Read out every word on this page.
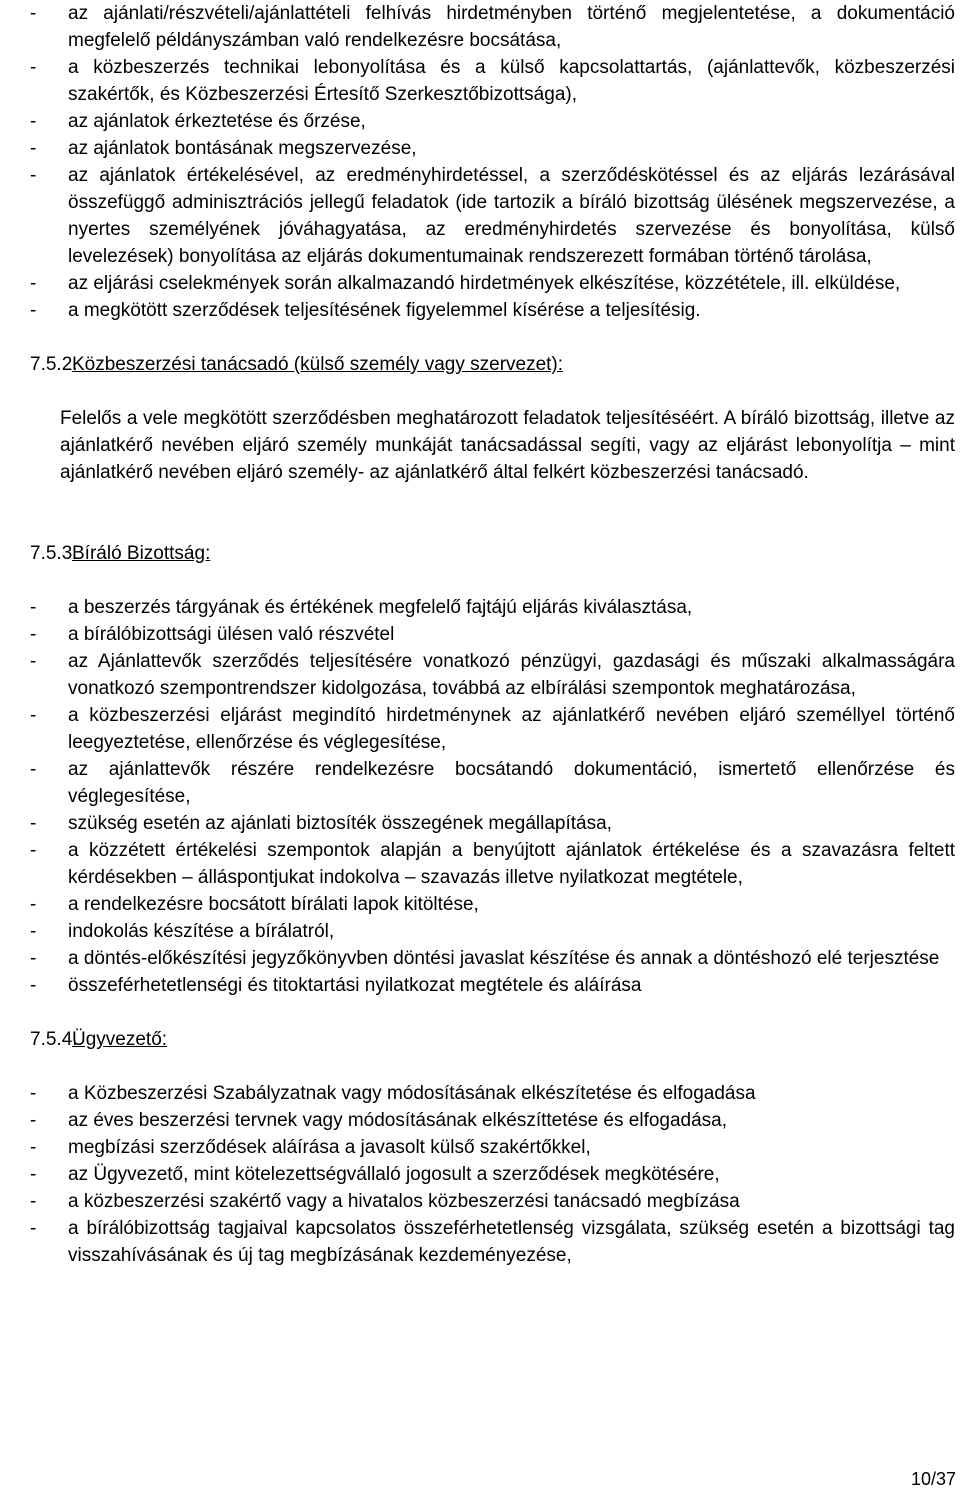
-	az ajánlati/részvételi/ajánlattételi felhívás hirdetményben történő megjelentetése, a dokumentáció megfelelő példányszámban való rendelkezésre bocsátása,
-	a közbeszerzés technikai lebonyolítása és a külső kapcsolattartás, (ajánlattevők, közbeszerzési szakértők, és Közbeszerzési Értesítő Szerkesztőbizottsága),
-	az ajánlatok érkeztetése és őrzése,
-	az ajánlatok bontásának megszervezése,
-	az ajánlatok értékelésével, az eredményhirdetéssel, a szerződéskötéssel és az eljárás lezárásával összefüggő adminisztrációs jellegű feladatok (ide tartozik a bíráló bizottság ülésének megszervezése, a nyertes személyének jóváhagyatása, az eredményhirdetés szervezése és bonyolítása, külső levelezések) bonyolítása az eljárás dokumentumainak rendszerezett formában történő tárolása,
-	az eljárási cselekmények során alkalmazandó hirdetmények elkészítése, közzététele, ill. elküldése,
-	a megkötött szerződések teljesítésének figyelemmel kísérése a teljesítésig.
7.5.2.Közbeszerzési tanácsadó (külső személy vagy szervezet):

Felelős a vele megkötött szerződésben meghatározott feladatok teljesítéséért. A bíráló bizottság, illetve az ajánlatkérő nevében eljáró személy munkáját tanácsadással segíti, vagy az eljárást lebonyolítja – mint ajánlatkérő nevében eljáró személy- az ajánlatkérő által felkért közbeszerzési tanácsadó.

7.5.3.Bíráló Bizottság:
-	a beszerzés tárgyának és értékének megfelelő fajtájú eljárás kiválasztása,
-	a bírálóbizottsági ülésen való részvétel
-	az Ajánlattevők szerződés teljesítésére vonatkozó pénzügyi, gazdasági és műszaki alkalmasságára vonatkozó szempontrendszer kidolgozása, továbbá az elbírálási szempontok meghatározása,
-	a közbeszerzési eljárást megindító hirdetménynek az ajánlatkérő nevében eljáró személlyel történő leegyeztetése, ellenőrzése és véglegesítése,
-	az ajánlattevők részére rendelkezésre bocsátandó dokumentáció, ismertető ellenőrzése és véglegesítése,
-	szükség esetén az ajánlati biztosíték összegének megállapítása,
-	a közzétett értékelési szempontok alapján a benyújtott ajánlatok értékelése és a szavazásra feltett kérdésekben – álláspontjukat indokolva – szavazás illetve nyilatkozat megtétele,
-	a rendelkezésre bocsátott bírálati lapok kitöltése,
-	indokolás készítése a bírálatról,
-	a döntés-előkészítési jegyzőkönyvben döntési javaslat készítése és annak a döntéshozó elé terjesztése
-	összeférhetetlenségi és titoktartási nyilatkozat megtétele és aláírása
7.5.4.Ügyvezető:
-	a Közbeszerzési Szabályzatnak vagy módosításának elkészítetése és elfogadása
-	az éves beszerzési tervnek vagy módosításának elkészíttetése és elfogadása,
-	megbízási szerződések aláírása a javasolt külső szakértőkkel,
-	az Ügyvezető, mint kötelezettségvállaló jogosult a szerződések megkötésére,
-	a közbeszerzési szakértő vagy a hivatalos közbeszerzési tanácsadó megbízása
-	a bírálóbizottság tagjaival kapcsolatos összeférhetetlenség vizsgálata, szükség esetén a bizottsági tag visszahívásának és új tag megbízásának kezdeményezése,
10/37
